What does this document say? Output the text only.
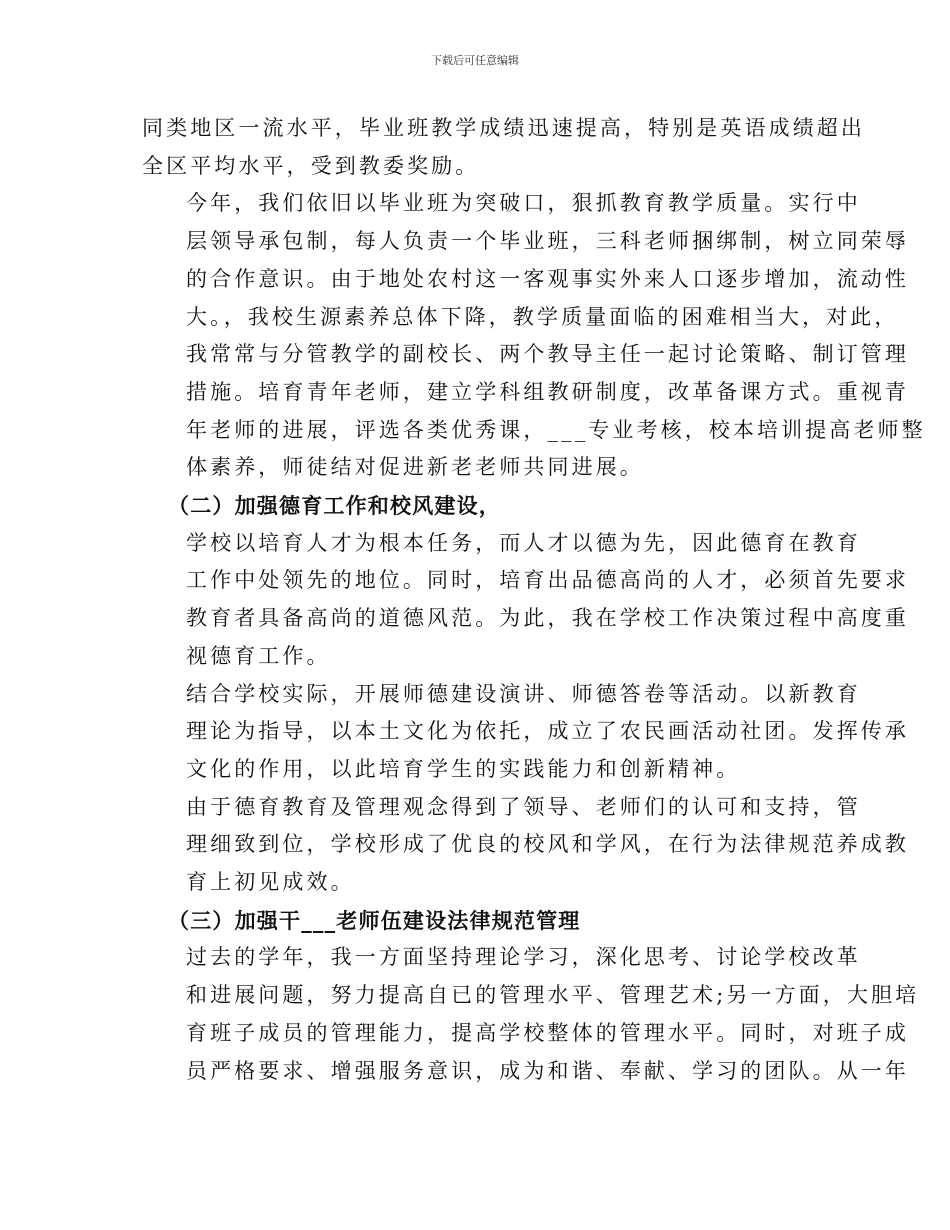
下载后可任意编辑

同类地区一流水平，毕业班教学成绩迅速提高，特别是英语成绩超出
全区平均水平，受到教委奖励。

今年，我们依旧以毕业班为突破口，狠抓教育教学质量。实行中
层领导承包制，每人负责一个毕业班，三科老师捆绑制，树立同荣辱
的合作意识。由于地处农村这一客观事实外来人口逐步增加，流动性
大。，我校生源素养总体下降，教学质量面临的困难相当大，对此，
我常常与分管教学的副校长、两个教导主任一起讨论策略、制订管理
措施。培育青年老师，建立学科组教研制度，改革备课方式。重视青
年老师的进展，评选各类优秀课，___专业考核，校本培训提高老师整
体素养，师徒结对促进新老老师共同进展。

（二）加强德育工作和校风建设，

学校以培育人才为根本任务，而人才以德为先，因此德育在教育
工作中处领先的地位。同时，培育出品德高尚的人才，必须首先要求
教育者具备高尚的道德风范。为此，我在学校工作决策过程中高度重
视德育工作。

结合学校实际，开展师德建设演讲、师德答卷等活动。以新教育
理论为指导，以本土文化为依托，成立了农民画活动社团。发挥传承
文化的作用，以此培育学生的实践能力和创新精神。

由于德育教育及管理观念得到了领导、老师们的认可和支持，管
理细致到位，学校形成了优良的校风和学风，在行为法律规范养成教
育上初见成效。

（三）加强干___老师伍建设法律规范管理

过去的学年，我一方面坚持理论学习，深化思考、讨论学校改革
和进展问题，努力提高自已的管理水平、管理艺术;另一方面，大胆培
育班子成员的管理能力，提高学校整体的管理水平。同时，对班子成
员严格要求、增强服务意识，成为和谐、奉献、学习的团队。从一年
